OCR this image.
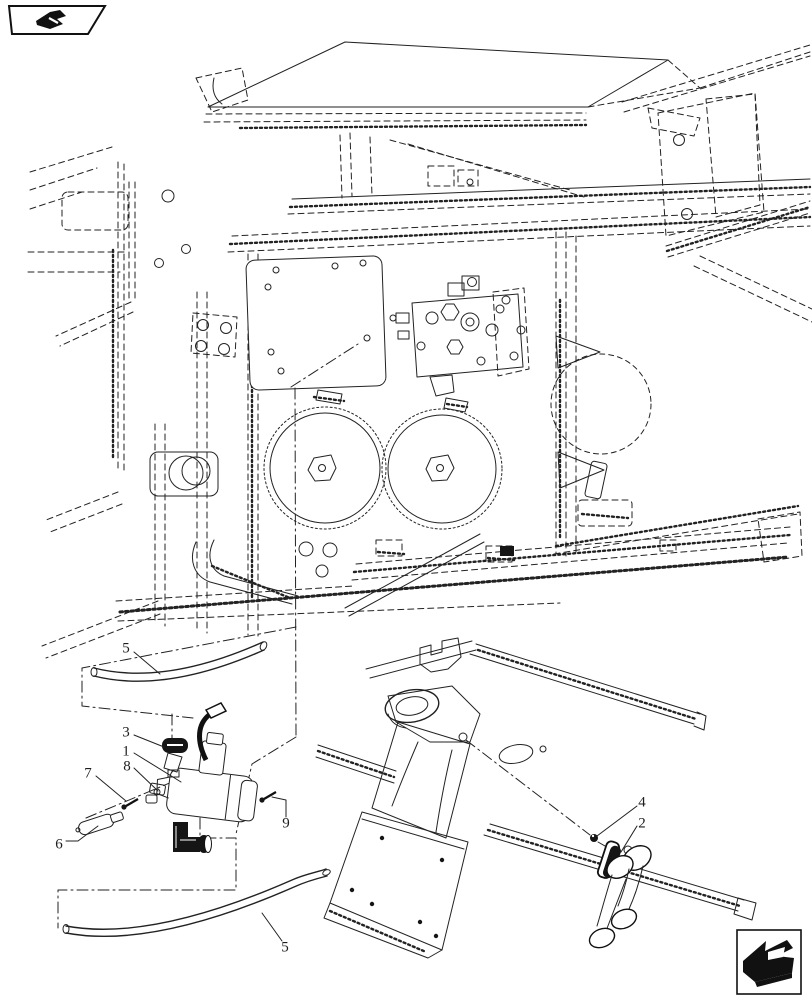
5
3
1
8
7
6
9
5
4
2
